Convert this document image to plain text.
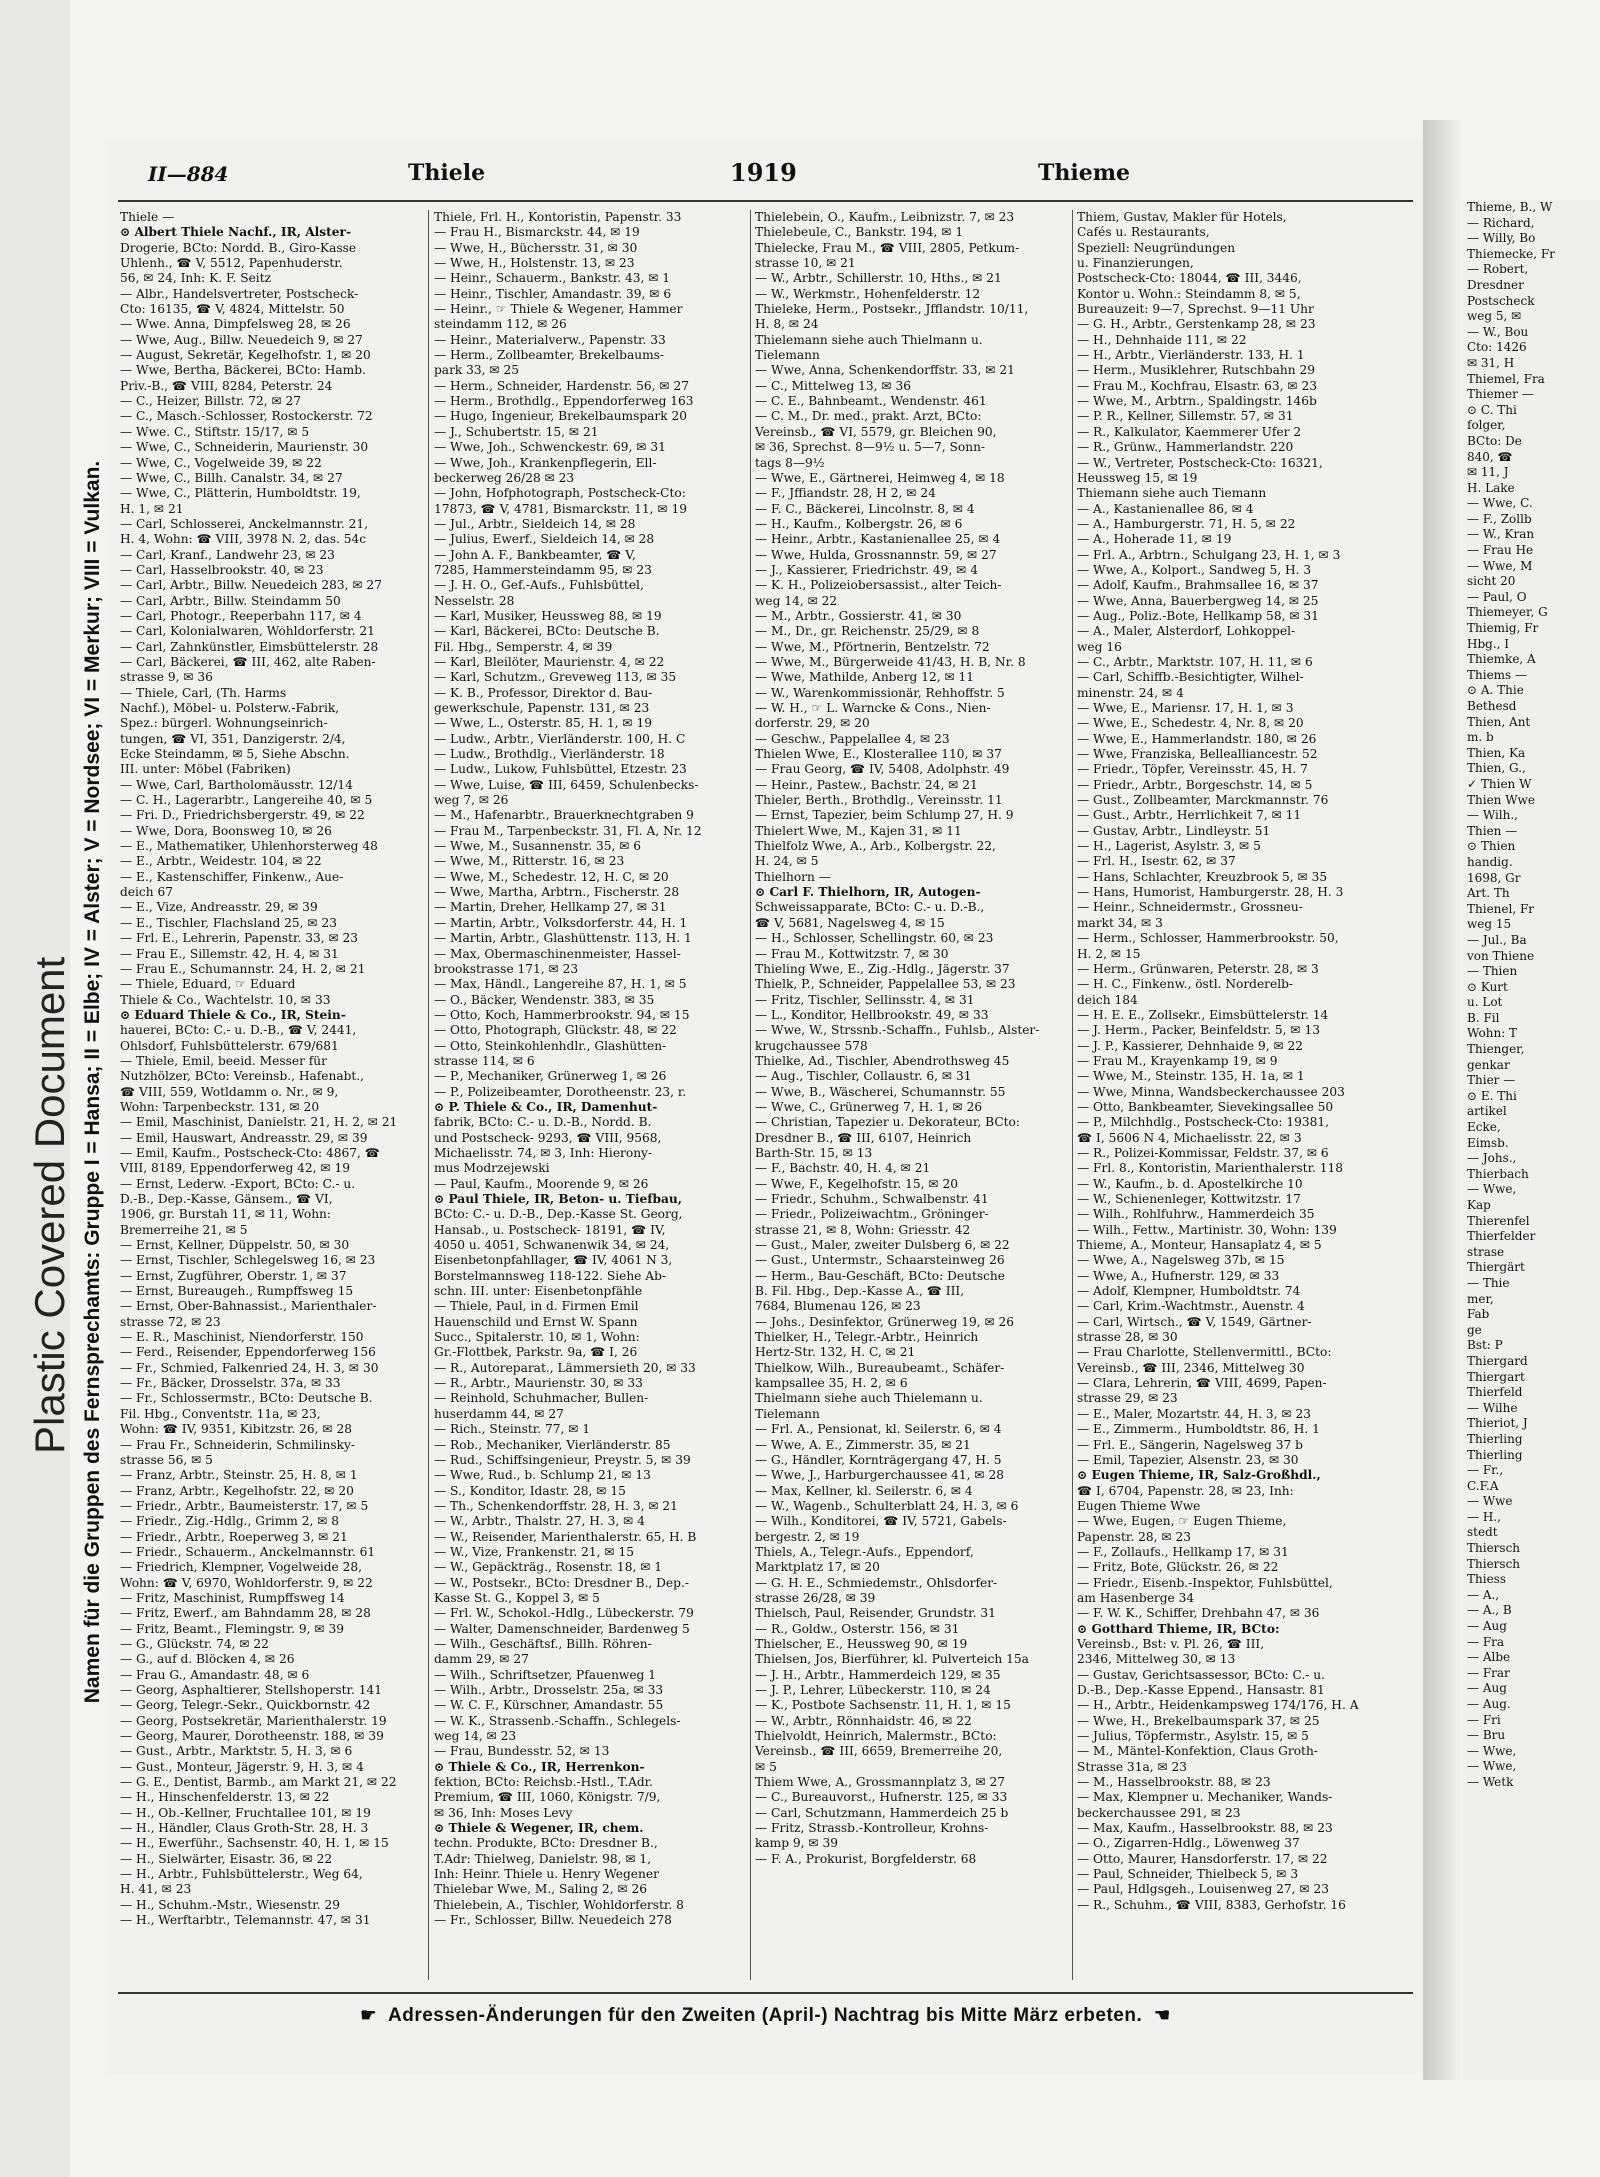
Plastic Covered Document
Thieme, B., W
— Richard,
— Willy, Bo
Thiemecke, Fr
— Robert,
Dresdner
Postscheck
weg 5, ✉
— W., Bou
Cto: 1426
✉ 31, H
Thiemel, Fra
Thiemer —
⊙ C. Thi
folger,
BCto: De
840, ☎
✉ 11, J
H. Lake
— Wwe, C.
— F., Zollb
— W., Kran
— Frau He
— Wwe, M
sicht 20
— Paul, O
Thiemeyer, G
Thiemig, Fr
Hbg., I
Thiemke, A
Thiems —
⊙ A. Thie
Bethesd
Thien, Ant
m. b
Thien, Ka
Thien, G.,
✓ Thien W
Thien Wwe
— Wilh.,
Thien —
⊙ Thien
handig.
1698, Gr
Art. Th
Thienel, Fr
weg 15
— Jul., Ba
von Thiene
— Thien
⊙ Kurt
u. Lot
B. Fil
Wohn: T
Thienger,
genkar
Thier —
⊙ E. Thi
artikel
Ecke,
Eimsb.
— Johs.,
Thierbach
— Wwe,
Kap
Thierenfel
Thierfelder
strase
Thiergärt
— Thie
mer,
Fab
ge
Bst: P
Thiergard
Thiergart
Thierfeld
— Wilhe
Thieriot, J
Thierling
Thierling
— Fr.,
C.F.A
— Wwe
— H.,
stedt
Thiersch
Thiersch
Thiess
— A.,
— A., B
— Aug
— Fra
— Albe
— Frar
— Aug
— Aug.
— Fri
— Bru
— Wwe,
— Wwe,
— Wetk
II—884	Thiele	1919	Thieme
Namen für die Gruppen des Fernsprechamts: Gruppe I = Hansa; II = Elbe; IV = Alster; V = Nordsee; VI = Merkur; VIII = Vulkan.
Thiele —
⊙ Albert Thiele Nachf., IR, Alster-
Drogerie, BCto: Nordd. B., Giro-Kasse
Uhlenh., ☎ V, 5512, Papenhuderstr.
56, ✉ 24, Inh: K. F. Seitz
— Albr., Handelsvertreter, Postscheck-
Cto: 16135, ☎ V, 4824, Mittelstr. 50
— Wwe. Anna, Dimpfelsweg 28, ✉ 26
— Wwe, Aug., Billw. Neuedeich 9, ✉ 27
— August, Sekretär, Kegelhofstr. 1, ✉ 20
— Wwe, Bertha, Bäckerei, BCto: Hamb.
Priv.-B., ☎ VIII, 8284, Peterstr. 24
— C., Heizer, Billstr. 72, ✉ 27
— C., Masch.-Schlosser, Rostockerstr. 72
— Wwe. C., Stiftstr. 15/17, ✉ 5
— Wwe, C., Schneiderin, Maurienstr. 30
— Wwe, C., Vogelweide 39, ✉ 22
— Wwe, C., Billh. Canalstr. 34, ✉ 27
— Wwe, C., Plätterin, Humboldtstr. 19,
H. 1, ✉ 21
— Carl, Schlosserei, Anckelmannstr. 21,
H. 4, Wohn: ☎ VIII, 3978 N. 2, das. 54c
— Carl, Kranf., Landwehr 23, ✉ 23
— Carl, Hasselbrookstr. 40, ✉ 23
— Carl, Arbtr., Billw. Neuedeich 283, ✉ 27
— Carl, Arbtr., Billw. Steindamm 50
— Carl, Photogr., Reeperbahn 117, ✉ 4
— Carl, Kolonialwaren, Wohldorferstr. 21
— Carl, Zahnkünstler, Eimsbüttelerstr. 28
— Carl, Bäckerei, ☎ III, 462, alte Raben-
strasse 9, ✉ 36
— Thiele, Carl, (Th. Harms
Nachf.), Möbel- u. Polsterw.-Fabrik,
Spez.: bürgerl. Wohnungseinrich-
tungen, ☎ VI, 351, Danzigerstr. 2/4,
Ecke Steindamm, ✉ 5, Siehe Abschn.
III. unter: Möbel (Fabriken)
— Wwe, Carl, Bartholomäusstr. 12/14
— C. H., Lagerarbtr., Langereihe 40, ✉ 5
— Fri. D., Friedrichsbergerstr. 49, ✉ 22
— Wwe, Dora, Boonsweg 10, ✉ 26
— E., Mathematiker, Uhlenhorsterweg 48
— E., Arbtr., Weidestr. 104, ✉ 22
— E., Kastenschiffer, Finkenw., Aue-
deich 67
— E., Vize, Andreasstr. 29, ✉ 39
— E., Tischler, Flachsland 25, ✉ 23
— Frl. E., Lehrerin, Papenstr. 33, ✉ 23
— Frau E., Sillemstr. 42, H. 4, ✉ 31
— Frau E., Schumannstr. 24, H. 2, ✉ 21
— Thiele, Eduard, ☞ Eduard
Thiele & Co., Wachtelstr. 10, ✉ 33
⊙ Eduard Thiele & Co., IR, Stein-
hauerei, BCto: C.- u. D.-B., ☎ V, 2441,
Ohlsdorf, Fuhlsbüttelerstr. 679/681
— Thiele, Emil, beeid. Messer für
Nutzhölzer, BCto: Vereinsb., Hafenabt.,
☎ VIII, 559, Wotldamm o. Nr., ✉ 9,
Wohn: Tarpenbeckstr. 131, ✉ 20
— Emil, Maschinist, Danielstr. 21, H. 2, ✉ 21
— Emil, Hauswart, Andreasstr. 29, ✉ 39
— Emil, Kaufm., Postscheck-Cto: 4867, ☎
VIII, 8189, Eppendorferweg 42, ✉ 19
— Ernst, Lederw. -Export, BCto: C.- u.
D.-B., Dep.-Kasse, Gänsem., ☎ VI,
1906, gr. Burstah 11, ✉ 11, Wohn:
Bremerreihe 21, ✉ 5
— Ernst, Kellner, Düppelstr. 50, ✉ 30
— Ernst, Tischler, Schlegelsweg 16, ✉ 23
— Ernst, Zugführer, Oberstr. 1, ✉ 37
— Ernst, Bureaugeh., Rumpffsweg 15
— Ernst, Ober-Bahnassist., Marienthaler-
strasse 72, ✉ 23
— E. R., Maschinist, Niendorferstr. 150
— Ferd., Reisender, Eppendorferweg 156
— Fr., Schmied, Falkenried 24, H. 3, ✉ 30
— Fr., Bäcker, Drosselstr. 37a, ✉ 33
— Fr., Schlossermstr., BCto: Deutsche B.
Fil. Hbg., Conventstr. 11a, ✉ 23,
Wohn: ☎ IV, 9351, Kibitzstr. 26, ✉ 28
— Frau Fr., Schneiderin, Schmilinsky-
strasse 56, ✉ 5
— Franz, Arbtr., Steinstr. 25, H. 8, ✉ 1
— Franz, Arbtr., Kegelhofstr. 22, ✉ 20
— Friedr., Arbtr., Baumeisterstr. 17, ✉ 5
— Friedr., Zig.-Hdlg., Grimm 2, ✉ 8
— Friedr., Arbtr., Roeperweg 3, ✉ 21
— Friedr., Schauerm., Anckelmannstr. 61
— Friedrich, Klempner, Vogelweide 28,
Wohn: ☎ V, 6970, Wohldorferstr. 9, ✉ 22
— Fritz, Maschinist, Rumpffsweg 14
— Fritz, Ewerf., am Bahndamm 28, ✉ 28
— Fritz, Beamt., Flemingstr. 9, ✉ 39
— G., Glückstr. 74, ✉ 22
— G., auf d. Blöcken 4, ✉ 26
— Frau G., Amandastr. 48, ✉ 6
— Georg, Asphaltierer, Stellshoperstr. 141
— Georg, Telegr.-Sekr., Quickbornstr. 42
— Georg, Postsekretär, Marienthalerstr. 19
— Georg, Maurer, Dorotheenstr. 188, ✉ 39
— Gust., Arbtr., Marktstr. 5, H. 3, ✉ 6
— Gust., Monteur, Jägerstr. 9, H. 3, ✉ 4
— G. E., Dentist, Barmb., am Markt 21, ✉ 22
— H., Hinschenfelderstr. 13, ✉ 22
— H., Ob.-Kellner, Fruchtallee 101, ✉ 19
— H., Händler, Claus Groth-Str. 28, H. 3
— H., Ewerführ., Sachsenstr. 40, H. 1, ✉ 15
— H., Sielwärter, Eisastr. 36, ✉ 22
— H., Arbtr., Fuhlsbüttelerstr., Weg 64,
H. 41, ✉ 23
— H., Schuhm.-Mstr., Wiesenstr. 29
— H., Werftarbtr., Telemannstr. 47, ✉ 31
Thiele, Frl. H., Kontoristin, Papenstr. 33
— Frau H., Bismarckstr. 44, ✉ 19
— Wwe, H., Büchersstr. 31, ✉ 30
— Wwe, H., Holstenstr. 13, ✉ 23
— Heinr., Schauerm., Bankstr. 43, ✉ 1
— Heinr., Tischler, Amandastr. 39, ✉ 6
— Heinr., ☞ Thiele & Wegener, Hammer
steindamm 112, ✉ 26
— Heinr., Materialverw., Papenstr. 33
— Herm., Zollbeamter, Brekelbaums-
park 33, ✉ 25
— Herm., Schneider, Hardenstr. 56, ✉ 27
— Herm., Brothdlg., Eppendorferweg 163
— Hugo, Ingenieur, Brekelbaumspark 20
— J., Schubertstr. 15, ✉ 21
— Wwe, Joh., Schwenckestr. 69, ✉ 31
— Wwe, Joh., Krankenpflegerin, Ell-
beckerweg 26/28 ✉ 23
— John, Hofphotograph, Postscheck-Cto:
17873, ☎ V, 4781, Bismarckstr. 11, ✉ 19
— Jul., Arbtr., Sieldeich 14, ✉ 28
— Julius, Ewerf., Sieldeich 14, ✉ 28
— John A. F., Bankbeamter, ☎ V,
7285, Hammersteindamm 95, ✉ 23
— J. H. O., Gef.-Aufs., Fuhlsbüttel,
Nesselstr. 28
— Karl, Musiker, Heussweg 88, ✉ 19
— Karl, Bäckerei, BCto: Deutsche B.
Fil. Hbg., Semperstr. 4, ✉ 39
— Karl, Bleilöter, Maurienstr. 4, ✉ 22
— Karl, Schutzm., Greveweg 113, ✉ 35
— K. B., Professor, Direktor d. Bau-
gewerkschule, Papenstr. 131, ✉ 23
— Wwe, L., Osterstr. 85, H. 1, ✉ 19
— Ludw., Arbtr., Vierländerstr. 100, H. C
— Ludw., Brothdlg., Vierländerstr. 18
— Ludw., Lukow, Fuhlsbüttel, Etzestr. 23
— Wwe, Luise, ☎ III, 6459, Schulenbecks-
weg 7, ✉ 26
— M., Hafenarbtr., Brauerknechtgraben 9
— Frau M., Tarpenbeckstr. 31, Fl. A, Nr. 12
— Wwe, M., Susannenstr. 35, ✉ 6
— Wwe, M., Ritterstr. 16, ✉ 23
— Wwe, M., Schedestr. 12, H. C, ✉ 20
— Wwe, Martha, Arbtrn., Fischerstr. 28
— Martin, Dreher, Hellkamp 27, ✉ 31
— Martin, Arbtr., Volksdorferstr. 44, H. 1
— Martin, Arbtr., Glashüttenstr. 113, H. 1
— Max, Obermaschinenmeister, Hassel-
brookstrasse 171, ✉ 23
— Max, Händl., Langereihe 87, H. 1, ✉ 5
— O., Bäcker, Wendenstr. 383, ✉ 35
— Otto, Koch, Hammerbrookstr. 94, ✉ 15
— Otto, Photograph, Glückstr. 48, ✉ 22
— Otto, Steinkohlenhdlr., Glashütten-
strasse 114, ✉ 6
— P., Mechaniker, Grünerweg 1, ✉ 26
— P., Polizeibeamter, Dorotheenstr. 23, r.
⊙ P. Thiele & Co., IR, Damenhut-
fabrik, BCto: C.- u. D.-B., Nordd. B.
und Postscheck- 9293, ☎ VIII, 9568,
Michaelisstr. 74, ✉ 3, Inh: Hierony-
mus Modrzejewski
— Paul, Kaufm., Moorende 9, ✉ 26
⊙ Paul Thiele, IR, Beton- u. Tiefbau,
BCto: C.- u. D.-B., Dep.-Kasse St. Georg,
Hansab., u. Postscheck- 18191, ☎ IV,
4050 u. 4051, Schwanenwik 34, ✉ 24,
Eisenbetonpfahllager, ☎ IV, 4061 N 3,
Borstelmannsweg 118-122. Siehe Ab-
schn. III. unter: Eisenbetonpfähle
— Thiele, Paul, in d. Firmen Emil
Hauenschild und Ernst W. Spann
Succ., Spitalerstr. 10, ✉ 1, Wohn:
Gr.-Flottbek, Parkstr. 9a, ☎ I, 26
— R., Autoreparat., Lämmersieth 20, ✉ 33
— R., Arbtr., Maurienstr. 30, ✉ 33
— Reinhold, Schuhmacher, Bullen-
huserdamm 44, ✉ 27
— Rich., Steinstr. 77, ✉ 1
— Rob., Mechaniker, Vierländerstr. 85
— Rud., Schiffsingenieur, Preystr. 5, ✉ 39
— Wwe, Rud., b. Schlump 21, ✉ 13
— S., Konditor, Idastr. 28, ✉ 15
— Th., Schenkendorffstr. 28, H. 3, ✉ 21
— W., Arbtr., Thalstr. 27, H. 3, ✉ 4
— W., Reisender, Marienthalerstr. 65, H. B
— W., Vize, Frankenstr. 21, ✉ 15
— W., Gepäckträg., Rosenstr. 18, ✉ 1
— W., Postsekr., BCto: Dresdner B., Dep.-
Kasse St. G., Koppel 3, ✉ 5
— Frl. W., Schokol.-Hdlg., Lübeckerstr. 79
— Walter, Damenschneider, Bardenweg 5
— Wilh., Geschäftsf., Billh. Röhren-
damm 29, ✉ 27
— Wilh., Schriftsetzer, Pfauenweg 1
— Wilh., Arbtr., Drosselstr. 25a, ✉ 33
— W. C. F., Kürschner, Amandastr. 55
— W. K., Strassenb.-Schaffn., Schlegels-
weg 14, ✉ 23
— Frau, Bundesstr. 52, ✉ 13
⊙ Thiele & Co., IR, Herrenkon-
fektion, BCto: Reichsb.-Hstl., T.Adr.
Premium, ☎ III, 1060, Königstr. 7/9,
✉ 36, Inh: Moses Levy
⊙ Thiele & Wegener, IR, chem.
techn. Produkte, BCto: Dresdner B.,
T.Adr: Thielweg, Danielstr. 98, ✉ 1,
Inh: Heinr. Thiele u. Henry Wegener
Thielebar Wwe, M., Saling 2, ✉ 26
Thielebein, A., Tischler, Wohldorferstr. 8
— Fr., Schlosser, Billw. Neuedeich 278
Thielebein, O., Kaufm., Leibnizstr. 7, ✉ 23
Thielebeule, C., Bankstr. 194, ✉ 1
Thielecke, Frau M., ☎ VIII, 2805, Petkum-
strasse 10, ✉ 21
— W., Arbtr., Schillerstr. 10, Hths., ✉ 21
— W., Werkmstr., Hohenfelderstr. 12
Thieleke, Herm., Postsekr., Jfflandstr. 10/11,
H. 8, ✉ 24
Thielemann siehe auch Thielmann u.
Tielemann
— Wwe, Anna, Schenkendorffstr. 33, ✉ 21
— C., Mittelweg 13, ✉ 36
— C. E., Bahnbeamt., Wendenstr. 461
— C. M., Dr. med., prakt. Arzt, BCto:
Vereinsb., ☎ VI, 5579, gr. Bleichen 90,
✉ 36, Sprechst. 8—9½ u. 5—7, Sonn-
tags 8—9½
— Wwe, E., Gärtnerei, Heimweg 4, ✉ 18
— F., Jffiandstr. 28, H 2, ✉ 24
— F. C., Bäckerei, Lincolnstr. 8, ✉ 4
— H., Kaufm., Kolbergstr. 26, ✉ 6
— Heinr., Arbtr., Kastanienallee 25, ✉ 4
— Wwe, Hulda, Grossnannstr. 59, ✉ 27
— J., Kassierer, Friedrichstr. 49, ✉ 4
— K. H., Polizeiobersassist., alter Teich-
weg 14, ✉ 22
— M., Arbtr., Gossierstr. 41, ✉ 30
— M., Dr., gr. Reichenstr. 25/29, ✉ 8
— Wwe, M., Pförtnerin, Bentzelstr. 72
— Wwe, M., Bürgerweide 41/43, H. B, Nr. 8
— Wwe, Mathilde, Anberg 12, ✉ 11
— W., Warenkommissionär, Rehhoffstr. 5
— W. H., ☞ L. Warncke & Cons., Nien-
dorferstr. 29, ✉ 20
— Geschw., Pappelallee 4, ✉ 23
Thielen Wwe, E., Klosterallee 110, ✉ 37
— Frau Georg, ☎ IV, 5408, Adolphstr. 49
— Heinr., Pastew., Bachstr. 24, ✉ 21
Thieler, Berth., Brothdlg., Vereinsstr. 11
— Ernst, Tapezier, beim Schlump 27, H. 9
Thielert Wwe, M., Kajen 31, ✉ 11
Thielfolz Wwe, A., Arb., Kolbergstr. 22,
H. 24, ✉ 5
Thielhorn —
⊙ Carl F. Thielhorn, IR, Autogen-
Schweissapparate, BCto: C.- u. D.-B.,
☎ V, 5681, Nagelsweg 4, ✉ 15
— H., Schlosser, Schellingstr. 60, ✉ 23
— Frau M., Kottwitzstr. 7, ✉ 30
Thieling Wwe, E., Zig.-Hdlg., Jägerstr. 37
Thielk, P., Schneider, Pappelallee 53, ✉ 23
— Fritz, Tischler, Sellinsstr. 4, ✉ 31
— L., Konditor, Hellbrookstr. 49, ✉ 33
— Wwe, W., Strssnb.-Schaffn., Fuhlsb., Alster-
krugchaussee 578
Thielke, Ad., Tischler, Abendrothsweg 45
— Aug., Tischler, Collaustr. 6, ✉ 31
— Wwe, B., Wäscherei, Schumannstr. 55
— Wwe, C., Grünerweg 7, H. 1, ✉ 26
— Christian, Tapezier u. Dekorateur, BCto:
Dresdner B., ☎ III, 6107, Heinrich
Barth-Str. 15, ✉ 13
— F., Bachstr. 40, H. 4, ✉ 21
— Wwe, F., Kegelhofstr. 15, ✉ 20
— Friedr., Schuhm., Schwalbenstr. 41
— Friedr., Polizeiwachtm., Gröninger-
strasse 21, ✉ 8, Wohn: Griesstr. 42
— Gust., Maler, zweiter Dulsberg 6, ✉ 22
— Gust., Untermstr., Schaarsteinweg 26
— Herm., Bau-Geschäft, BCto: Deutsche
B. Fil. Hbg., Dep.-Kasse A., ☎ III,
7684, Blumenau 126, ✉ 23
— Johs., Desinfektor, Grünerweg 19, ✉ 26
Thielker, H., Telegr.-Arbtr., Heinrich
Hertz-Str. 132, H. C, ✉ 21
Thielkow, Wilh., Bureaubeamt., Schäfer-
kampsallee 35, H. 2, ✉ 6
Thielmann siehe auch Thielemann u.
Tielemann
— Frl. A., Pensionat, kl. Seilerstr. 6, ✉ 4
— Wwe, A. E., Zimmerstr. 35, ✉ 21
— G., Händler, Kornträgergang 47, H. 5
— Wwe, J., Harburgerchaussee 41, ✉ 28
— Max, Kellner, kl. Seilerstr. 6, ✉ 4
— W., Wagenb., Schulterblatt 24, H. 3, ✉ 6
— Wilh., Konditorei, ☎ IV, 5721, Gabels-
bergestr. 2, ✉ 19
Thiels, A., Telegr.-Aufs., Eppendorf,
Marktplatz 17, ✉ 20
— G. H. E., Schmiedemstr., Ohlsdorfer-
strasse 26/28, ✉ 39
Thielsch, Paul, Reisender, Grundstr. 31
— R., Goldw., Osterstr. 156, ✉ 31
Thielscher, E., Heussweg 90, ✉ 19
Thielsen, Jos, Bierführer, kl. Pulverteich 15a
— J. H., Arbtr., Hammerdeich 129, ✉ 35
— J. P., Lehrer, Lübeckerstr. 110, ✉ 24
— K., Postbote Sachsenstr. 11, H. 1, ✉ 15
— W., Arbtr., Rönnhaidstr. 46, ✉ 22
Thielvoldt, Heinrich, Malermstr., BCto:
Vereinsb., ☎ III, 6659, Bremerreihe 20,
✉ 5
Thiem Wwe, A., Grossmannplatz 3, ✉ 27
— C., Bureauvorst., Hufnerstr. 125, ✉ 33
— Carl, Schutzmann, Hammerdeich 25 b
— Fritz, Strassb.-Kontrolleur, Krohns-
kamp 9, ✉ 39
— F. A., Prokurist, Borgfelderstr. 68
Thiem, Gustav, Makler für Hotels,
Cafés u. Restaurants,
Speziell: Neugründungen
u. Finanzierungen,
Postscheck-Cto: 18044, ☎ III, 3446,
Kontor u. Wohn.: Steindamm 8, ✉ 5,
Bureauzeit: 9—7, Sprechst. 9—11 Uhr
— G. H., Arbtr., Gerstenkamp 28, ✉ 23
— H., Dehnhaide 111, ✉ 22
— H., Arbtr., Vierländerstr. 133, H. 1
— Herm., Musiklehrer, Rutschbahn 29
— Frau M., Kochfrau, Elsastr. 63, ✉ 23
— Wwe, M., Arbtrn., Spaldingstr. 146b
— P. R., Kellner, Sillemstr. 57, ✉ 31
— R., Kalkulator, Kaemmerer Ufer 2
— R., Grünw., Hammerlandstr. 220
— W., Vertreter, Postscheck-Cto: 16321,
Heussweg 15, ✉ 19
Thiemann siehe auch Tiemann
— A., Kastanienallee 86, ✉ 4
— A., Hamburgerstr. 71, H. 5, ✉ 22
— A., Hoherade 11, ✉ 19
— Frl. A., Arbtrn., Schulgang 23, H. 1, ✉ 3
— Wwe, A., Kolport., Sandweg 5, H. 3
— Adolf, Kaufm., Brahmsallee 16, ✉ 37
— Wwe, Anna, Bauerbergweg 14, ✉ 25
— Aug., Poliz.-Bote, Hellkamp 58, ✉ 31
— A., Maler, Alsterdorf, Lohkoppel-
weg 16
— C., Arbtr., Marktstr. 107, H. 11, ✉ 6
— Carl, Schiffb.-Besichtigter, Wilhel-
minenstr. 24, ✉ 4
— Wwe, E., Mariensr. 17, H. 1, ✉ 3
— Wwe, E., Schedestr. 4, Nr. 8, ✉ 20
— Wwe, E., Hammerlandstr. 180, ✉ 26
— Wwe, Franziska, Bellealliancestr. 52
— Friedr., Töpfer, Vereinsstr. 45, H. 7
— Friedr., Arbtr., Borgeschstr. 14, ✉ 5
— Gust., Zollbeamter, Marckmannstr. 76
— Gust., Arbtr., Herrlichkeit 7, ✉ 11
— Gustav, Arbtr., Lindleystr. 51
— H., Lagerist, Asylstr. 3, ✉ 5
— Frl. H., Isestr. 62, ✉ 37
— Hans, Schlachter, Kreuzbrook 5, ✉ 35
— Hans, Humorist, Hamburgerstr. 28, H. 3
— Heinr., Schneidermstr., Grossneu-
markt 34, ✉ 3
— Herm., Schlosser, Hammerbrookstr. 50,
H. 2, ✉ 15
— Herm., Grünwaren, Peterstr. 28, ✉ 3
— H. C., Finkenw., östl. Norderelb-
deich 184
— H. E. E., Zollsekr., Eimsbüttelerstr. 14
— J. Herm., Packer, Beinfeldstr. 5, ✉ 13
— J. P., Kassierer, Dehnhaide 9, ✉ 22
— Frau M., Krayenkamp 19, ✉ 9
— Wwe, M., Steinstr. 135, H. 1a, ✉ 1
— Wwe, Minna, Wandsbeckerchaussee 203
— Otto, Bankbeamter, Sievekingsallee 50
— P., Milchhdlg., Postscheck-Cto: 19381,
☎ I, 5606 N 4, Michaelisstr. 22, ✉ 3
— R., Polizei-Kommissar, Feldstr. 37, ✉ 6
— Frl. 8., Kontoristin, Marienthalerstr. 118
— W., Kaufm., b. d. Apostelkirche 10
— W., Schienenleger, Kottwitzstr. 17
— Wilh., Rohlfuhrw., Hammerdeich 35
— Wilh., Fettw., Martinistr. 30, Wohn: 139
Thieme, A., Monteur, Hansaplatz 4, ✉ 5
— Wwe, A., Nagelsweg 37b, ✉ 15
— Wwe, A., Hufnerstr. 129, ✉ 33
— Adolf, Klempner, Humboldtstr. 74
— Carl, Krim.-Wachtmstr., Auenstr. 4
— Carl, Wirtsch., ☎ V, 1549, Gärtner-
strasse 28, ✉ 30
— Frau Charlotte, Stellenvermittl., BCto:
Vereinsb., ☎ III, 2346, Mittelweg 30
— Clara, Lehrerin, ☎ VIII, 4699, Papen-
strasse 29, ✉ 23
— E., Maler, Mozartstr. 44, H. 3, ✉ 23
— E., Zimmerm., Humboldtstr. 86, H. 1
— Frl. E., Sängerin, Nagelsweg 37 b
— Emil, Tapezier, Alsenstr. 23, ✉ 30
⊙ Eugen Thieme, IR, Salz-Großhdl.,
☎ I, 6704, Papenstr. 28, ✉ 23, Inh:
Eugen Thieme Wwe
— Wwe, Eugen, ☞ Eugen Thieme,
Papenstr. 28, ✉ 23
— F., Zollaufs., Hellkamp 17, ✉ 31
— Fritz, Bote, Glückstr. 26, ✉ 22
— Friedr., Eisenb.-Inspektor, Fuhlsbüttel,
am Hasenberge 34
— F. W. K., Schiffer, Drehbahn 47, ✉ 36
⊙ Gotthard Thieme, IR, BCto:
Vereinsb., Bst: v. Pl. 26, ☎ III,
2346, Mittelweg 30, ✉ 13
— Gustav, Gerichtsassessor, BCto: C.- u.
D.-B., Dep.-Kasse Eppend., Hansastr. 81
— H., Arbtr., Heidenkampsweg 174/176, H. A
— Wwe, H., Brekelbaumspark 37, ✉ 25
— Julius, Töpfermstr., Asylstr. 15, ✉ 5
— M., Mäntel-Konfektion, Claus Groth-
Strasse 31a, ✉ 23
— M., Hasselbrookstr. 88, ✉ 23
— Max, Klempner u. Mechaniker, Wands-
beckerchaussee 291, ✉ 23
— Max, Kaufm., Hasselbrookstr. 88, ✉ 23
— O., Zigarren-Hdlg., Löwenweg 37
— Otto, Maurer, Hansdorferstr. 17, ✉ 22
— Paul, Schneider, Thielbeck 5, ✉ 3
— Paul, Hdlgsgeh., Louisenweg 27, ✉ 23
— R., Schuhm., ☎ VIII, 8383, Gerhofstr. 16
☛ Adressen-Änderungen für den Zweiten (April-) Nachtrag bis Mitte März erbeten. ☚
